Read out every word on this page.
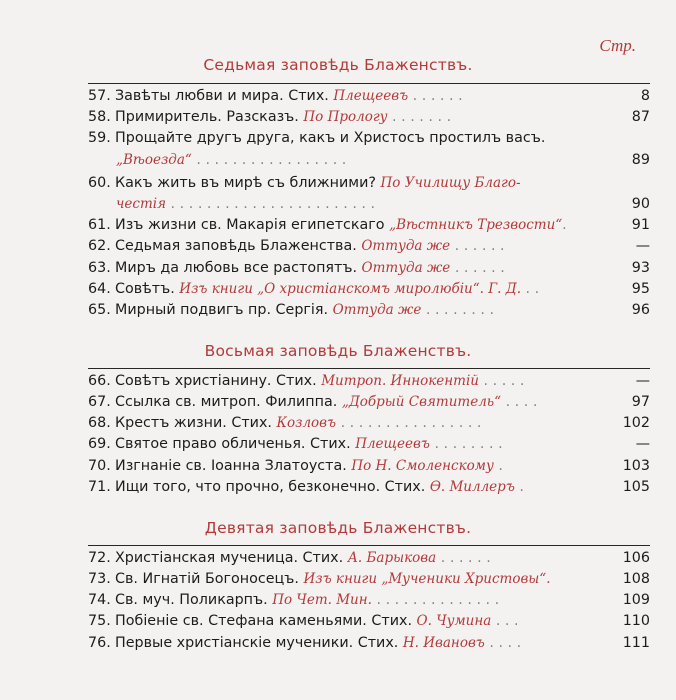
Стр.
Седьмая заповѣдь Блаженствъ.
57. Завѣты любви и мира. Стих. Плещеевъ . . . . . .	8
58. Примиритель. Разсказъ. По Прологу . . . . . . .	87
59. Прощайте другъ друга, какъ и Христосъ простилъ васъ.
„Вѣоезда“ . . . . . . . . . . . . . . . . .	89
60. Какъ жить въ мирѣ съ ближними? По Училищу Благо-
честія . . . . . . . . . . . . . . . . . . . . . . .	90
61. Изъ жизни св. Макарія египетскаго „Вѣстникъ Трезвости“.	91
62. Седьмая заповѣдь Блаженства. Оттуда же . . . . . .	—
63. Миръ да любовь все растопятъ. Оттуда же . . . . . .	93
64. Совѣтъ. Изъ книги „О христіанскомъ миролюбіи“. Г. Д. . .	95
65. Мирный подвигъ пр. Сергія. Оттуда же . . . . . . . .	96
Восьмая заповѣдь Блаженствъ.
66. Совѣтъ христіанину. Стих. Митроп. Иннокентій . . . . .	—
67. Ссылка св. митроп. Филиппа. „Добрый Святитель“ . . . .	97
68. Крестъ жизни. Стих. Козловъ . . . . . . . . . . . . . . . .	102
69. Святое право обличенья. Стих. Плещеевъ . . . . . . . .	—
70. Изгнаніе св. Іоанна Златоуста. По Н. Смоленскому .	103
71. Ищи того, что прочно, безконечно. Стих. Ѳ. Миллеръ .	105
Девятая заповѣдь Блаженствъ.
72. Христіанская мученица. Стих. А. Барыкова . . . . . .	106
73. Св. Игнатій Богоносецъ. Изъ книги „Мученики Христовы“.	108
74. Св. муч. Поликарпъ. По Чет. Мин. . . . . . . . . . . . . . .	109
75. Побіеніе св. Стефана каменьями. Стих. О. Чумина . . .	110
76. Первые христіанскіе мученики. Стих. Н. Ивановъ . . . .	111
